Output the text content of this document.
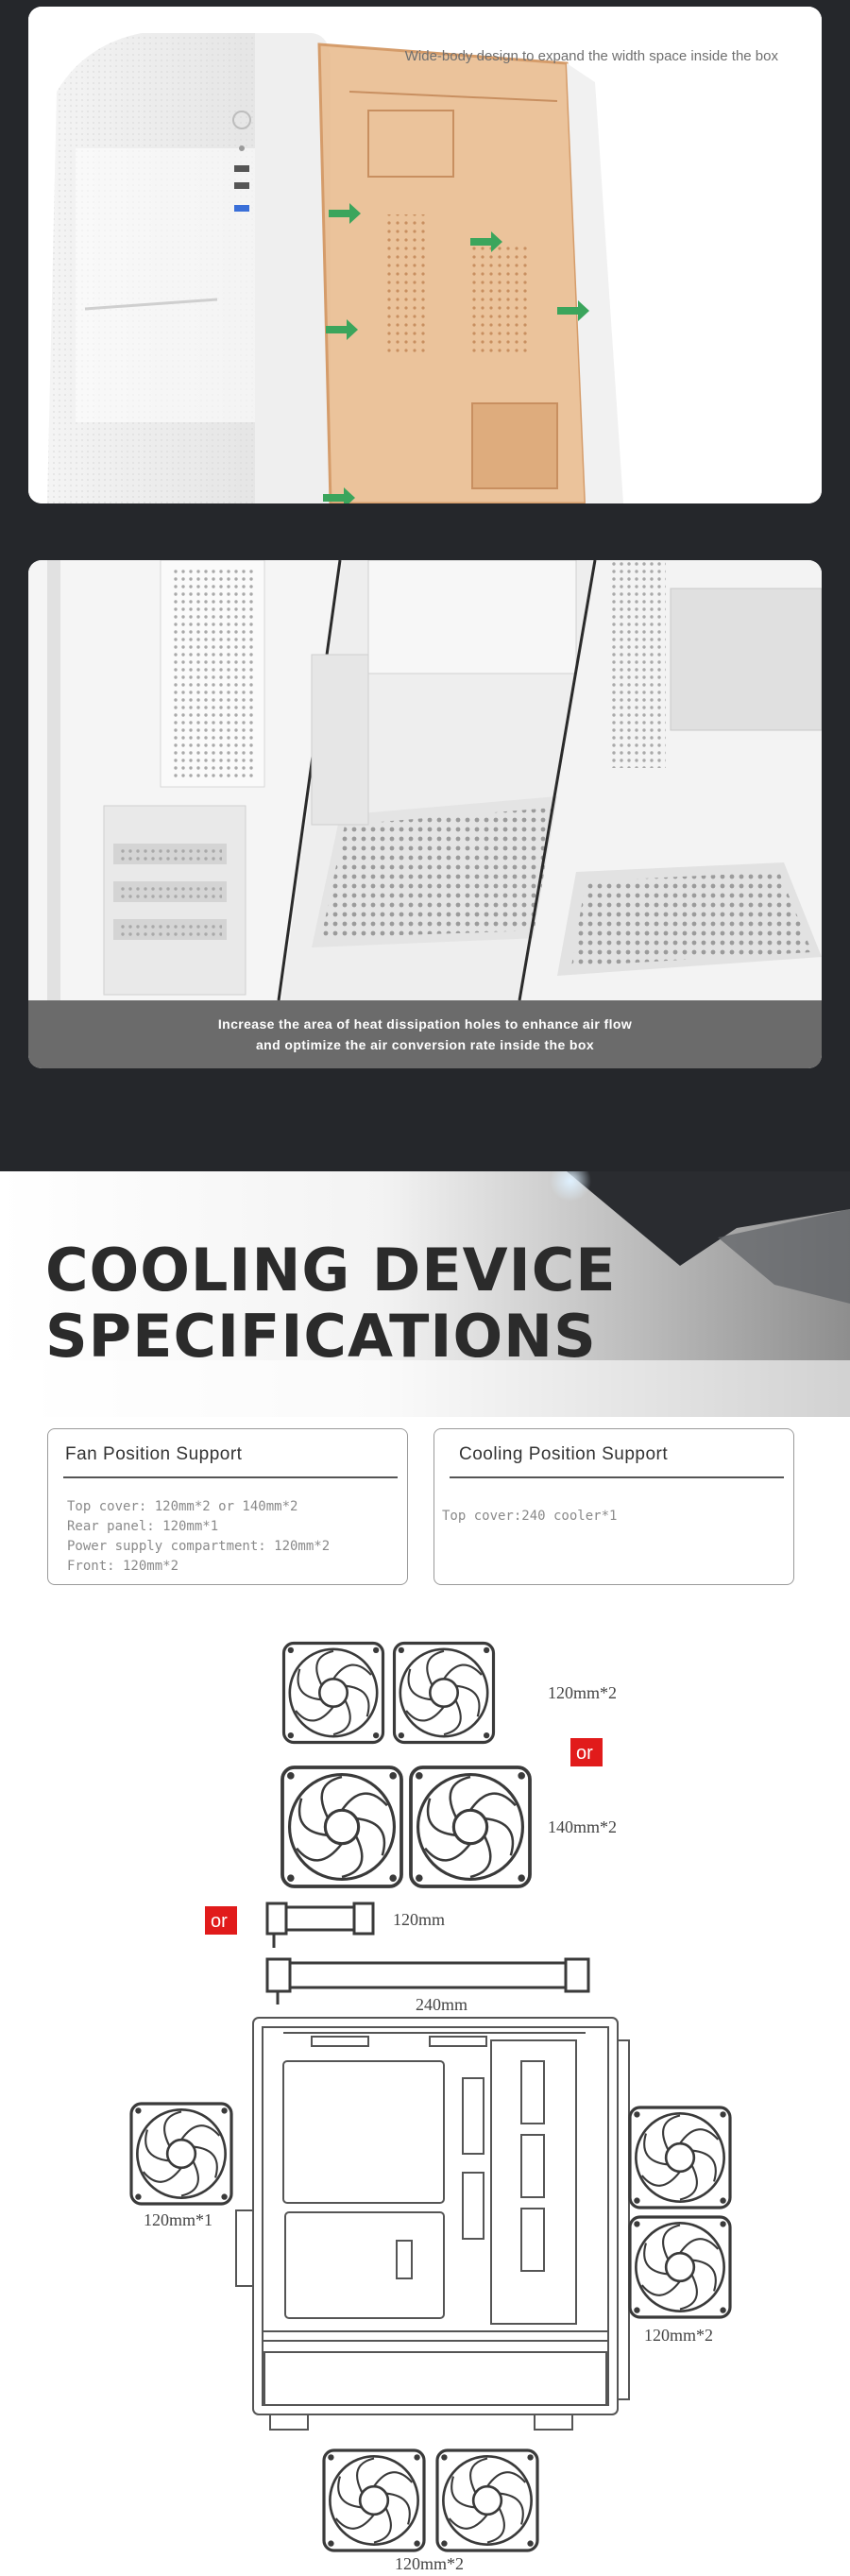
Wide-body design to expand the width space inside the box
Increase the area of heat dissipation holes to enhance air flow
and optimize the air conversion rate inside the box
COOLING DEVICE
SPECIFICATIONS
Fan Position Support
Top cover: 120mm*2 or 140mm*2
Rear panel: 120mm*1
Power supply compartment: 120mm*2
Front: 120mm*2
Cooling Position Support
Top cover:240 cooler*1
120mm*2
or
140mm*2
or	120mm
240mm
120mm*1
120mm*2
120mm*2
